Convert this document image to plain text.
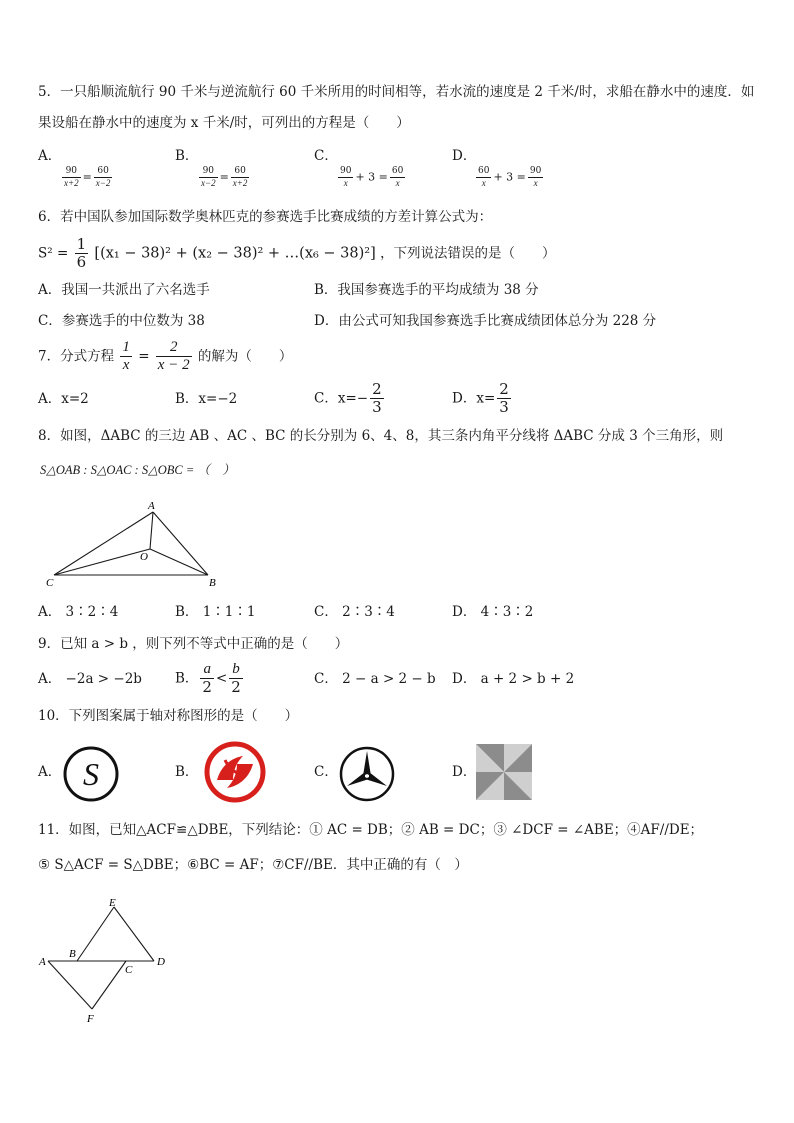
5．一只船顺流航行 90 千米与逆流航行 60 千米所用的时间相等，若水流的速度是 2 千米/时，求船在静水中的速度．如
果设船在静水中的速度为 x 千米/时，可列出的方程是（　　）
A．
$\frac{90}{x+2} = \frac{60}{x-2}$
B．
$\frac{90}{x-2} = \frac{60}{x+2}$
C．
$\frac{90}{x} + 3 = \frac{60}{x}$
D．
$\frac{60}{x} + 3 = \frac{90}{x}$
6．若中国队参加国际数学奥林匹克的参赛选手比赛成绩的方差计算公式为：
$S^2 = \frac{1}{6} [(x_1 - 38)^2 + (x_2 - 38)^2$ + …(x₆ − 38)²] ，下列说法错误的是（　　）
A．我国一共派出了六名选手	B．我国参赛选手的平均成绩为 38 分
C．参赛选手的中位数为 38	D．由公式可知我国参赛选手比赛成绩团体总分为 228 分
7．分式方程 $\frac{1}{x} = \frac{2}{x - 2}$ 的解为（　　）
A．x=2	B．x=−2	C．$x=- \frac{2}{3}$	D．$x= \frac{2}{3}$
8．如图，ΔABC 的三边 AB 、AC 、BC 的长分别为 6、4、8，其三条内角平分线将 ΔABC 分成 3 个三角形，则
S△OAB : S△OAC : S△OBC = （　）
A
B
C
O
A． 3∶2∶4	B． 1∶1∶1	C． 2∶3∶4	D． 4∶3∶2
9．已知 a > b ，则下列不等式中正确的是（　　）
A． −2a > −2b B． $\frac{a}{2} < \frac{b}{2}$	C． 2 − a > 2 − b D． a + 2 > b + 2
10．下列图案属于轴对称图形的是（　　）
A． S	B．	C．	D．
11．如图，已知△ACF≌△DBE，下列结论：① AC = DB；② AB = DC；③ ∠DCF = ∠ABE；④AF//DE；
⑤ S△ACF = S△DBE；⑥BC = AF；⑦CF//BE．其中正确的有（　）
E
A
B
C
D
F
